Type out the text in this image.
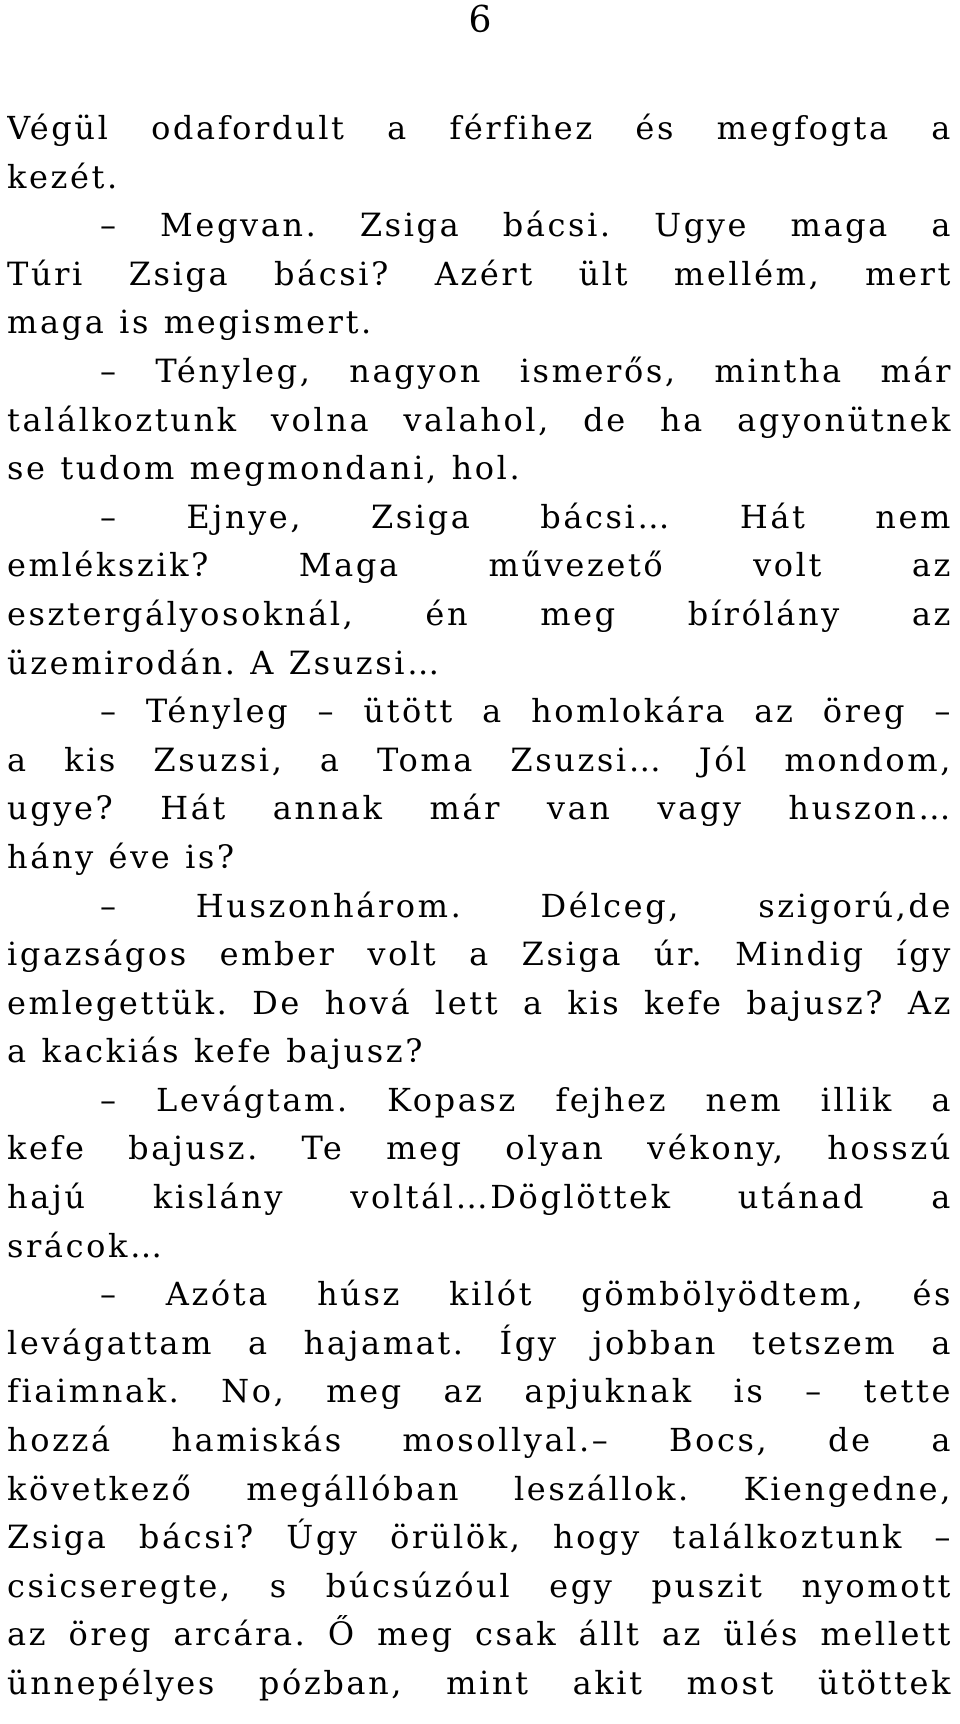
6
Végül odafordult a férfihez és megfogta a
kezét.
– Megvan. Zsiga bácsi. Ugye maga a
Túri Zsiga bácsi? Azért ült mellém, mert
maga is megismert.
– Tényleg, nagyon ismerős, mintha már
találkoztunk volna valahol, de ha agyonütnek
se tudom megmondani, hol.
– Ejnye, Zsiga bácsi… Hát nem
emlékszik? Maga művezető volt az
esztergályosoknál, én meg bírólány az
üzemirodán. A Zsuzsi…
– Tényleg – ütött a homlokára az öreg –
a kis Zsuzsi, a Toma Zsuzsi… Jól mondom,
ugye? Hát annak már van vagy huszon…
hány éve is?
– Huszonhárom. Délceg, szigorú,de
igazságos ember volt a Zsiga úr. Mindig így
emlegettük. De hová lett a kis kefe bajusz? Az
a kackiás kefe bajusz?
– Levágtam. Kopasz fejhez nem illik a
kefe bajusz. Te meg olyan vékony, hosszú
hajú kislány voltál…Döglöttek utánad a
srácok…
– Azóta húsz kilót gömbölyödtem, és
levágattam a hajamat. Így jobban tetszem a
fiaimnak. No, meg az apjuknak is – tette
hozzá hamiskás mosollyal.– Bocs, de a
következő megállóban leszállok. Kiengedne,
Zsiga bácsi? Úgy örülök, hogy találkoztunk –
csicseregte, s búcsúzóul egy puszit nyomott
az öreg arcára. Ő meg csak állt az ülés mellett
ünnepélyes pózban, mint akit most ütöttek
